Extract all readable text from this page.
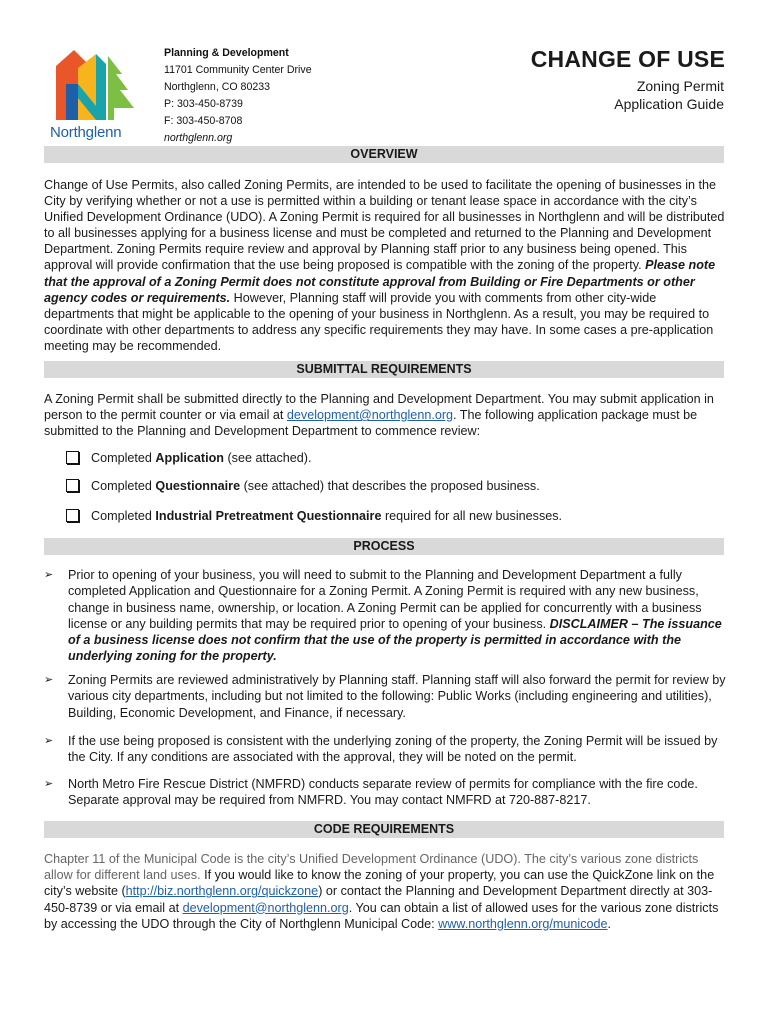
Northglenn
Planning & Development
11701 Community Center Drive
Northglenn, CO 80233
P: 303-450-8739
F: 303-450-8708
northglenn.org
CHANGE OF USE
Zoning Permit
Application Guide
OVERVIEW
Change of Use Permits, also called Zoning Permits, are intended to be used to facilitate the opening of businesses in the City by verifying whether or not a use is permitted within a building or tenant lease space in accordance with the city’s Unified Development Ordinance (UDO). A Zoning Permit is required for all businesses in Northglenn and will be distributed to all businesses applying for a business license and must be completed and returned to the Planning and Development Department. Zoning Permits require review and approval by Planning staff prior to any business being opened. This approval will provide confirmation that the use being proposed is compatible with the zoning of the property. Please note that the approval of a Zoning Permit does not constitute approval from Building or Fire Departments or other agency codes or requirements. However, Planning staff will provide you with comments from other city-wide departments that might be applicable to the opening of your business in Northglenn. As a result, you may be required to coordinate with other departments to address any specific requirements they may have. In some cases a pre-application meeting may be recommended.
SUBMITTAL REQUIREMENTS
A Zoning Permit shall be submitted directly to the Planning and Development Department. You may submit application in person to the permit counter or via email at development@northglenn.org. The following application package must be submitted to the Planning and Development Department to commence review:
Completed Application (see attached).
Completed Questionnaire (see attached) that describes the proposed business.
Completed Industrial Pretreatment Questionnaire required for all new businesses.
PROCESS
➢ Prior to opening of your business, you will need to submit to the Planning and Development Department a fully completed Application and Questionnaire for a Zoning Permit. A Zoning Permit is required with any new business, change in business name, ownership, or location. A Zoning Permit can be applied for concurrently with a business license or any building permits that may be required prior to opening of your business. DISCLAIMER – The issuance of a business license does not confirm that the use of the property is permitted in accordance with the underlying zoning for the property.
➢ Zoning Permits are reviewed administratively by Planning staff. Planning staff will also forward the permit for review by various city departments, including but not limited to the following: Public Works (including engineering and utilities), Building, Economic Development, and Finance, if necessary.
➢ If the use being proposed is consistent with the underlying zoning of the property, the Zoning Permit will be issued by the City. If any conditions are associated with the approval, they will be noted on the permit.
➢ North Metro Fire Rescue District (NMFRD) conducts separate review of permits for compliance with the fire code. Separate approval may be required from NMFRD. You may contact NMFRD at 720-887-8217.
CODE REQUIREMENTS
Chapter 11 of the Municipal Code is the city’s Unified Development Ordinance (UDO). The city’s various zone districts allow for different land uses. If you would like to know the zoning of your property, you can use the QuickZone link on the city’s website (http://biz.northglenn.org/quickzone) or contact the Planning and Development Department directly at 303-450-8739 or via email at development@northglenn.org. You can obtain a list of allowed uses for the various zone districts by accessing the UDO through the City of Northglenn Municipal Code: www.northglenn.org/municode.
